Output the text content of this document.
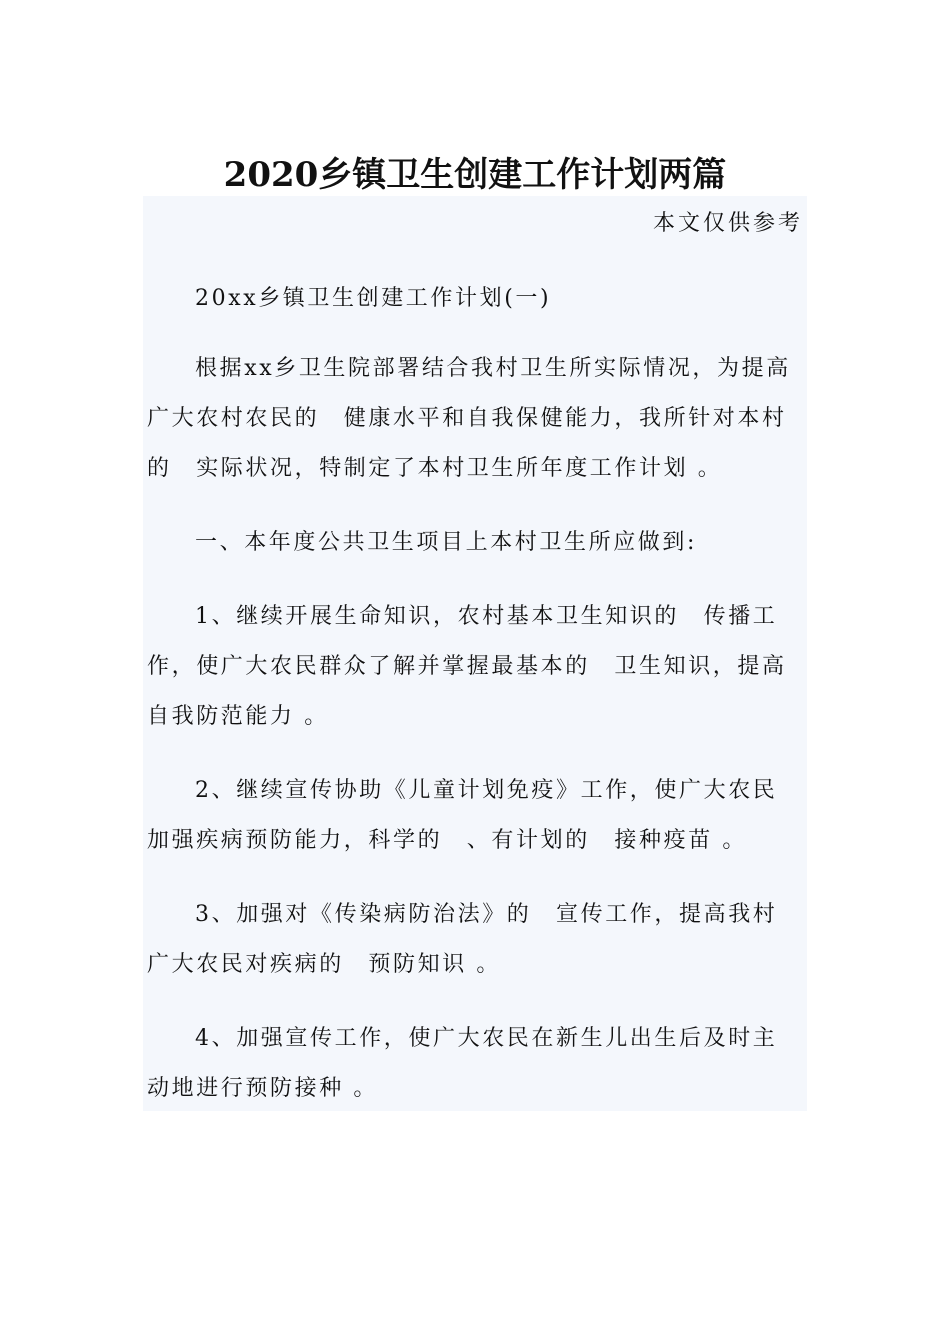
2020乡镇卫生创建工作计划两篇
本文仅供参考

20xx乡镇卫生创建工作计划(一)

根据xx乡卫生院部署结合我村卫生所实际情况，为提高广大农村农民的　健康水平和自我保健能力，我所针对本村的　实际状况，特制定了本村卫生所年度工作计划 。

一、本年度公共卫生项目上本村卫生所应做到:

1、继续开展生命知识，农村基本卫生知识的　传播工作，使广大农民群众了解并掌握最基本的　卫生知识，提高自我防范能力 。

2、继续宣传协助《儿童计划免疫》工作，使广大农民加强疾病预防能力，科学的　、有计划的　接种疫苗 。

3、加强对《传染病防治法》的　宣传工作，提高我村广大农民对疾病的　预防知识 。

4、加强宣传工作，使广大农民在新生儿出生后及时主动地进行预防接种 。
